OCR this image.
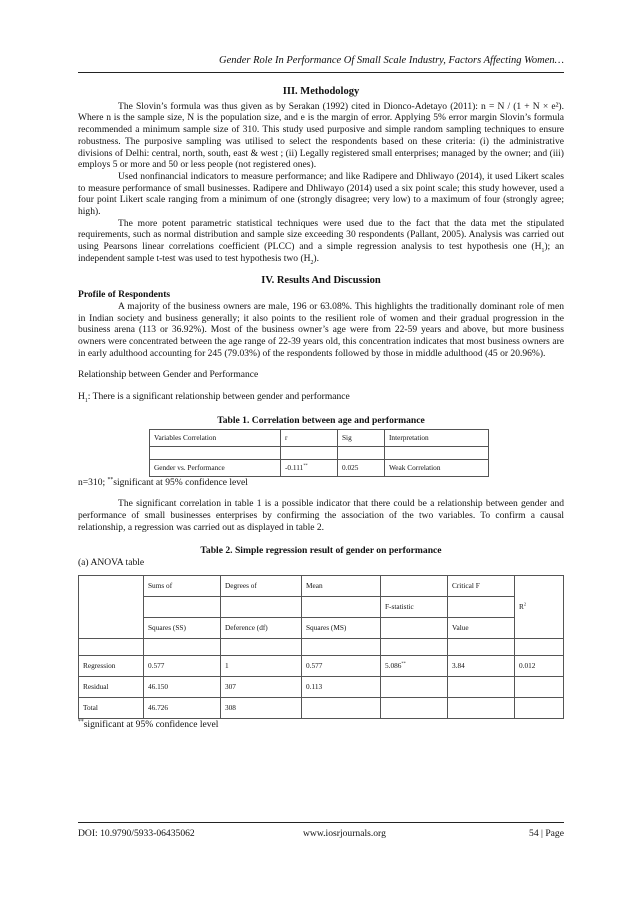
Gender Role In Performance Of Small Scale Industry, Factors Affecting Women…

III. Methodology

The Slovin’s formula was thus given as by Serakan (1992) cited in Dionco-Adetayo (2011): n = N / (1 + N × e²). Where n is the sample size, N is the population size, and e is the margin of error. Applying 5% error margin Slovin’s formula recommended a minimum sample size of 310. This study used purposive and simple random sampling techniques to ensure robustness. The purposive sampling was utilised to select the respondents based on these criteria: (i) the administrative divisions of Delhi: central, north, south, east & west ; (ii) Legally registered small enterprises; managed by the owner; and (iii) employs 5 or more and 50 or less people (not registered ones).

Used nonfinancial indicators to measure performance; and like Radipere and Dhliwayo (2014), it used Likert scales to measure performance of small businesses. Radipere and Dhliwayo (2014) used a six point scale; this study however, used a four point Likert scale ranging from a minimum of one (strongly disagree; very low) to a maximum of four (strongly agree; high).

The more potent parametric statistical techniques were used due to the fact that the data met the stipulated requirements, such as normal distribution and sample size exceeding 30 respondents (Pallant, 2005). Analysis was carried out using Pearsons linear correlations coefficient (PLCC) and a simple regression analysis to test hypothesis one $(H_1)$; an independent sample t-test was used to test hypothesis two $(H_2)$.

IV. Results And Discussion

Profile of Respondents

A majority of the business owners are male, 196 or 63.08%. This highlights the traditionally dominant role of men in Indian society and business generally; it also points to the resilient role of women and their gradual progression in the business arena (113 or 36.92%). Most of the business owner’s age were from 22-59 years and above, but more business owners were concentrated between the age range of 22-39 years old, this concentration indicates that most business owners are in early adulthood accounting for 245 (79.03%) of the respondents followed by those in middle adulthood (45 or 20.96%).

Relationship between Gender and Performance

$H_1$: There is a significant relationship between gender and performance

Table 1. Correlation between age and performance

Variables Correlation	r	Sig	Interpretation

Gender vs. Performance	-0.111**	0.025	Weak Correlation

n=310; **significant at 95% confidence level

The significant correlation in table 1 is a possible indicator that there could be a relationship between gender and performance of small businesses enterprises by confirming the association of the two variables. To confirm a causal relationship, a regression was carried out as displayed in table 2.

Table 2. Simple regression result of gender on performance

(a) ANOVA table

	Sums of	Degrees of	Mean		Critical F	$R^2$
				F-statistic		
	Squares (SS)	Deference (df)	Squares (MS)		Value	

Regression	0.577	1	0.577	5.086**	3.84	0.012
Residual	46.150	307	0.113			
Total	46.726	308				

**significant at 95% confidence level

DOI: 10.9790/5933-06435062	www.iosrjournals.org	54 | Page
